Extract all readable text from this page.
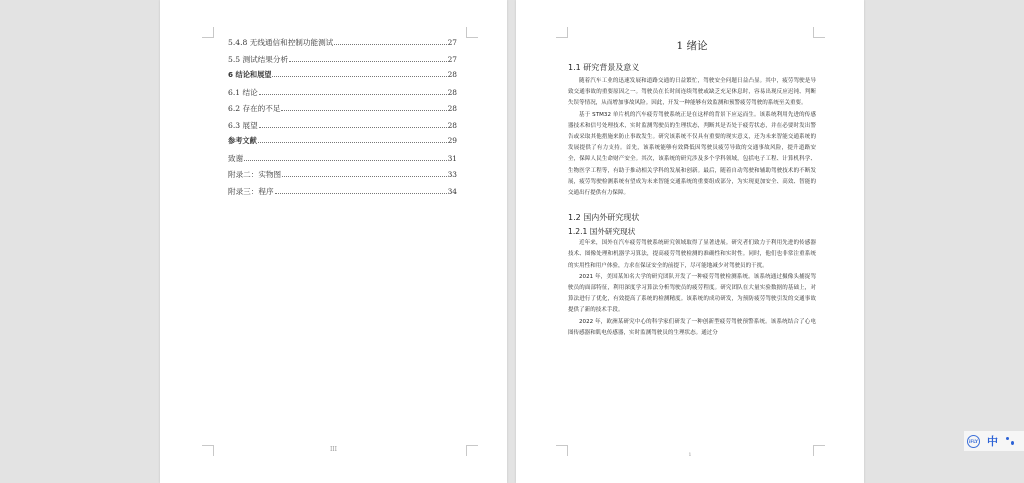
5.4.8 无线通信和控制功能测试	27
5.5 测试结果分析	27
6 结论和展望	28
6.1 结论	28
6.2 存在的不足	28
6.3 展望	28
参考文献	29
致谢	31
附录二：实物图	33
附录三：程序	34
III
1 绪论
1.1 研究背景及意义
随着汽车工业的迅速发展和道路交通的日益繁忙，驾驶安全问题日益凸显。其中，疲劳驾驶是导致交通事故的重要原因之一。驾驶员在长时间连续驾驶或缺乏充足休息时，容易出现反应迟钝、判断失误等情况，从而增加事故风险。因此，开发一种能够有效监测和预警疲劳驾驶的系统至关重要。
基于 STM32 单片机的汽车疲劳驾驶系统正是在这样的背景下应运而生。该系统利用先进的传感器技术和信号处理技术，实时监测驾驶员的生理状态，判断其是否处于疲劳状态，并在必要时发出警告或采取其他措施来防止事故发生。研究该系统不仅具有重要的现实意义，还为未来智能交通系统的发展提供了有力支持。首先，该系统能够有效降低因驾驶员疲劳导致的交通事故风险，提升道路安全，保障人民生命财产安全。其次，该系统的研究涉及多个学科领域，包括电子工程、计算机科学、生物医学工程等，有助于推动相关学科的发展和创新。最后，随着自动驾驶和辅助驾驶技术的不断发展，疲劳驾驶检测系统有望成为未来智能交通系统的重要组成部分，为实现更加安全、高效、智能的交通出行提供有力保障。
1.2 国内外研究现状
1.2.1 国外研究现状
近年来，国外在汽车疲劳驾驶系统研究领域取得了显著进展。研究者们致力于利用先进的传感器技术、图像处理和机器学习算法，提高疲劳驾驶检测的准确性和实时性。同时，他们也非常注重系统的实用性和用户体验，力求在保证安全的前提下，尽可能地减少对驾驶员的干扰。
2021 年，美国某知名大学的研究团队开发了一种疲劳驾驶检测系统。该系统通过摄像头捕捉驾驶员的面部特征，利用深度学习算法分析驾驶员的疲劳程度。研究团队在大量实验数据的基础上，对算法进行了优化，有效提高了系统的检测精度。该系统的成功研发，为预防疲劳驾驶引发的交通事故提供了新的技术手段。
2022 年，欧洲某研究中心的科学家们研发了一种创新型疲劳驾驶预警系统。该系统结合了心电图传感器和肌电传感器，实时监测驾驶员的生理状态。通过分
1
iFLY 中
